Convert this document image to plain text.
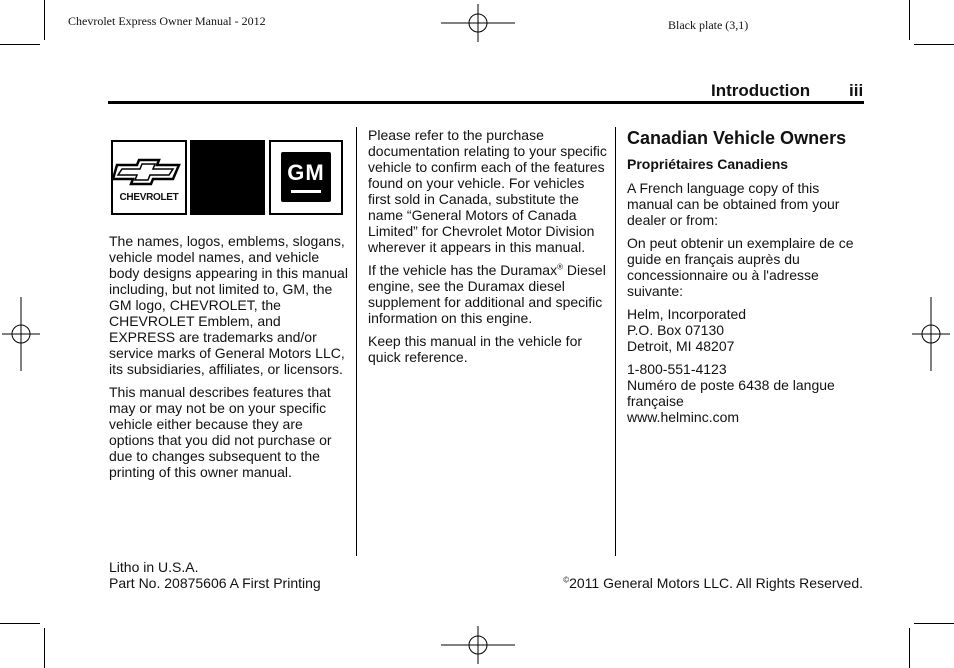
Chevrolet Express Owner Manual - 2012	Black plate (3,1)
Introduction iii
CHEVROLET
GM

The names, logos, emblems, slogans, vehicle model names, and vehicle body designs appearing in this manual including, but not limited to, GM, the GM logo, CHEVROLET, the CHEVROLET Emblem, and EXPRESS are trademarks and/or service marks of General Motors LLC, its subsidiaries, affiliates, or licensors.

This manual describes features that may or may not be on your specific vehicle either because they are options that you did not purchase or due to changes subsequent to the printing of this owner manual.

Please refer to the purchase documentation relating to your specific vehicle to confirm each of the features found on your vehicle. For vehicles first sold in Canada, substitute the name “General Motors of Canada Limited” for Chevrolet Motor Division wherever it appears in this manual.

If the vehicle has the Duramax® Diesel engine, see the Duramax diesel supplement for additional and specific information on this engine.

Keep this manual in the vehicle for quick reference.

Canadian Vehicle Owners
Propriétaires Canadiens

A French language copy of this manual can be obtained from your dealer or from:

On peut obtenir un exemplaire de ce guide en français auprès du concessionnaire ou à l'adresse suivante:

Helm, Incorporated
P.O. Box 07130
Detroit, MI 48207

1-800-551-4123
Numéro de poste 6438 de langue
française
www.helminc.com

Litho in U.S.A.
Part No. 20875606 A First Printing	©2011 General Motors LLC. All Rights Reserved.
